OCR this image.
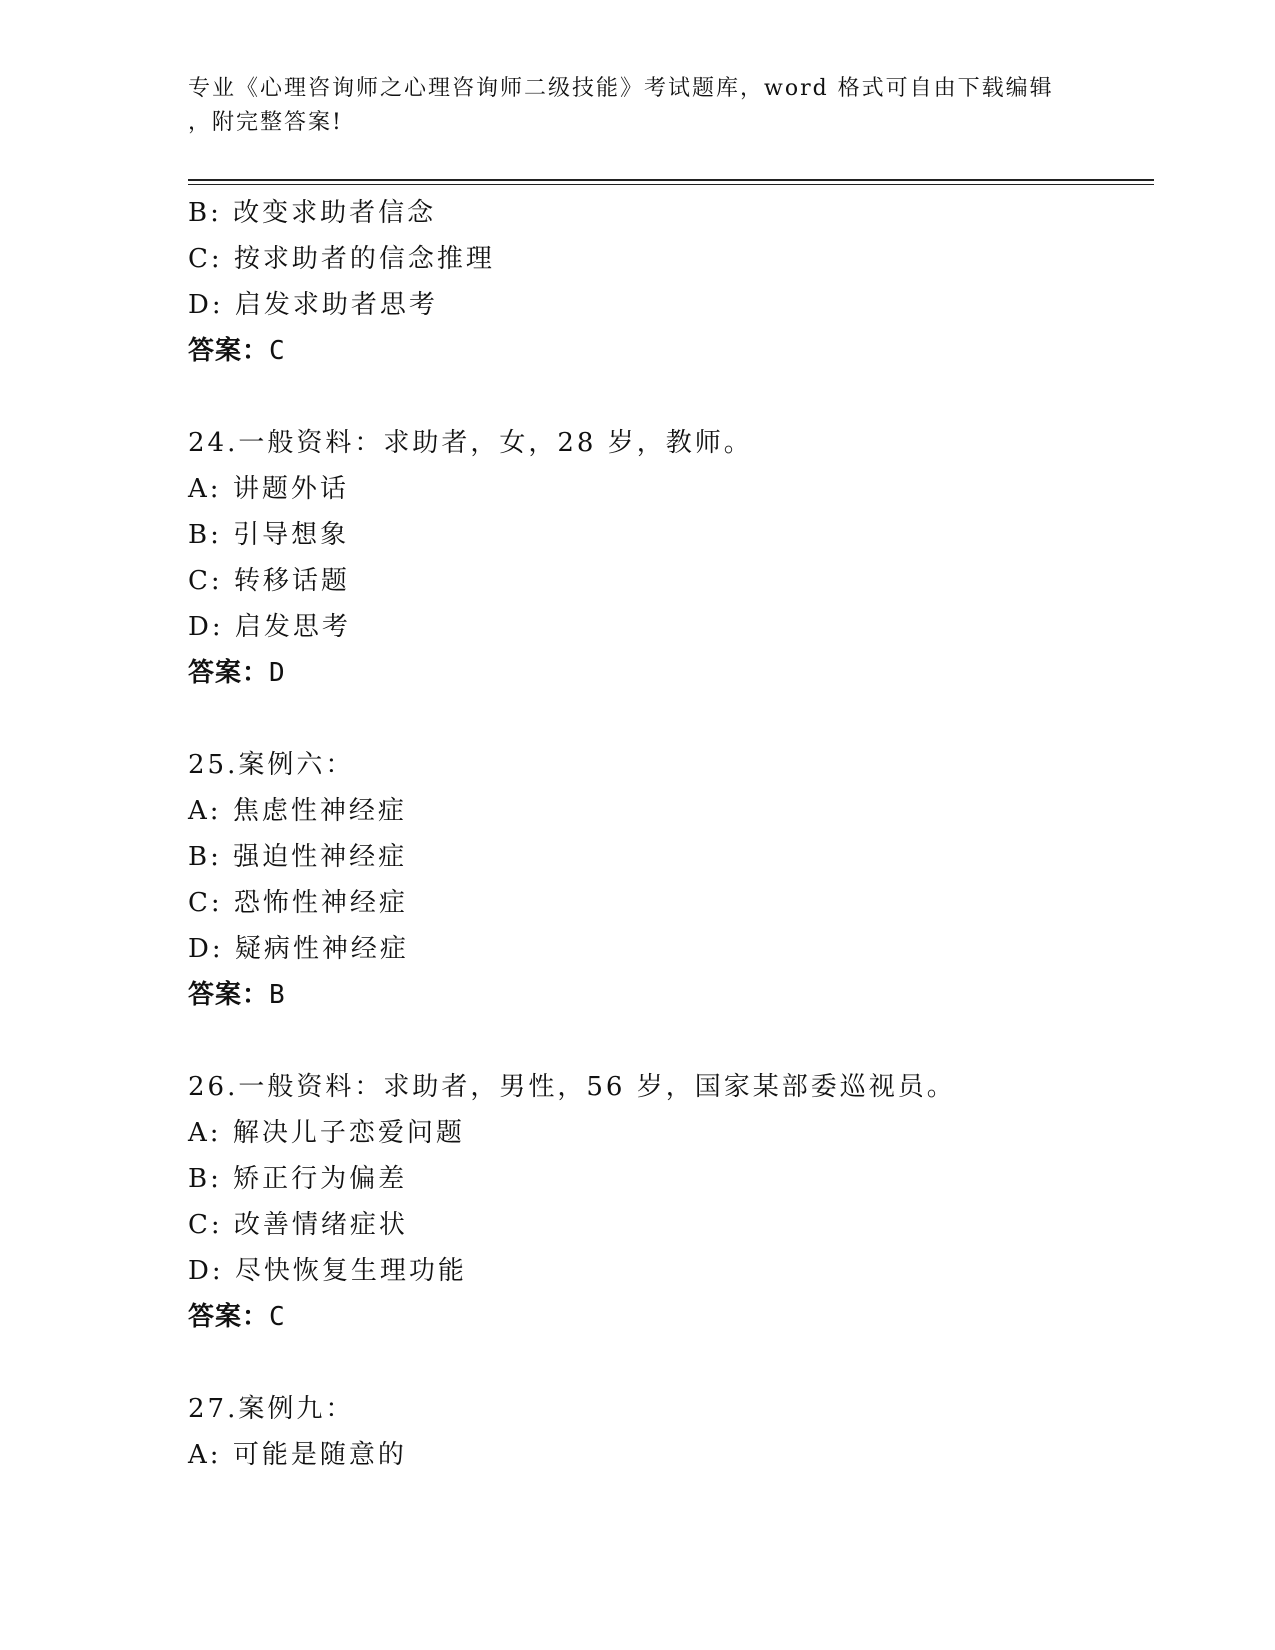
专业《心理咨询师之心理咨询师二级技能》考试题库，word 格式可自由下载编辑
，附完整答案!
B: 改变求助者信念
C: 按求助者的信念推理
D: 启发求助者思考
答案：C
24.一般资料：求助者，女，28 岁，教师。
A: 讲题外话
B: 引导想象
C: 转移话题
D: 启发思考
答案：D
25.案例六：
A: 焦虑性神经症
B: 强迫性神经症
C: 恐怖性神经症
D: 疑病性神经症
答案：B
26.一般资料：求助者，男性，56 岁，国家某部委巡视员。
A: 解决儿子恋爱问题
B: 矫正行为偏差
C: 改善情绪症状
D: 尽快恢复生理功能
答案：C
27.案例九：
A: 可能是随意的
